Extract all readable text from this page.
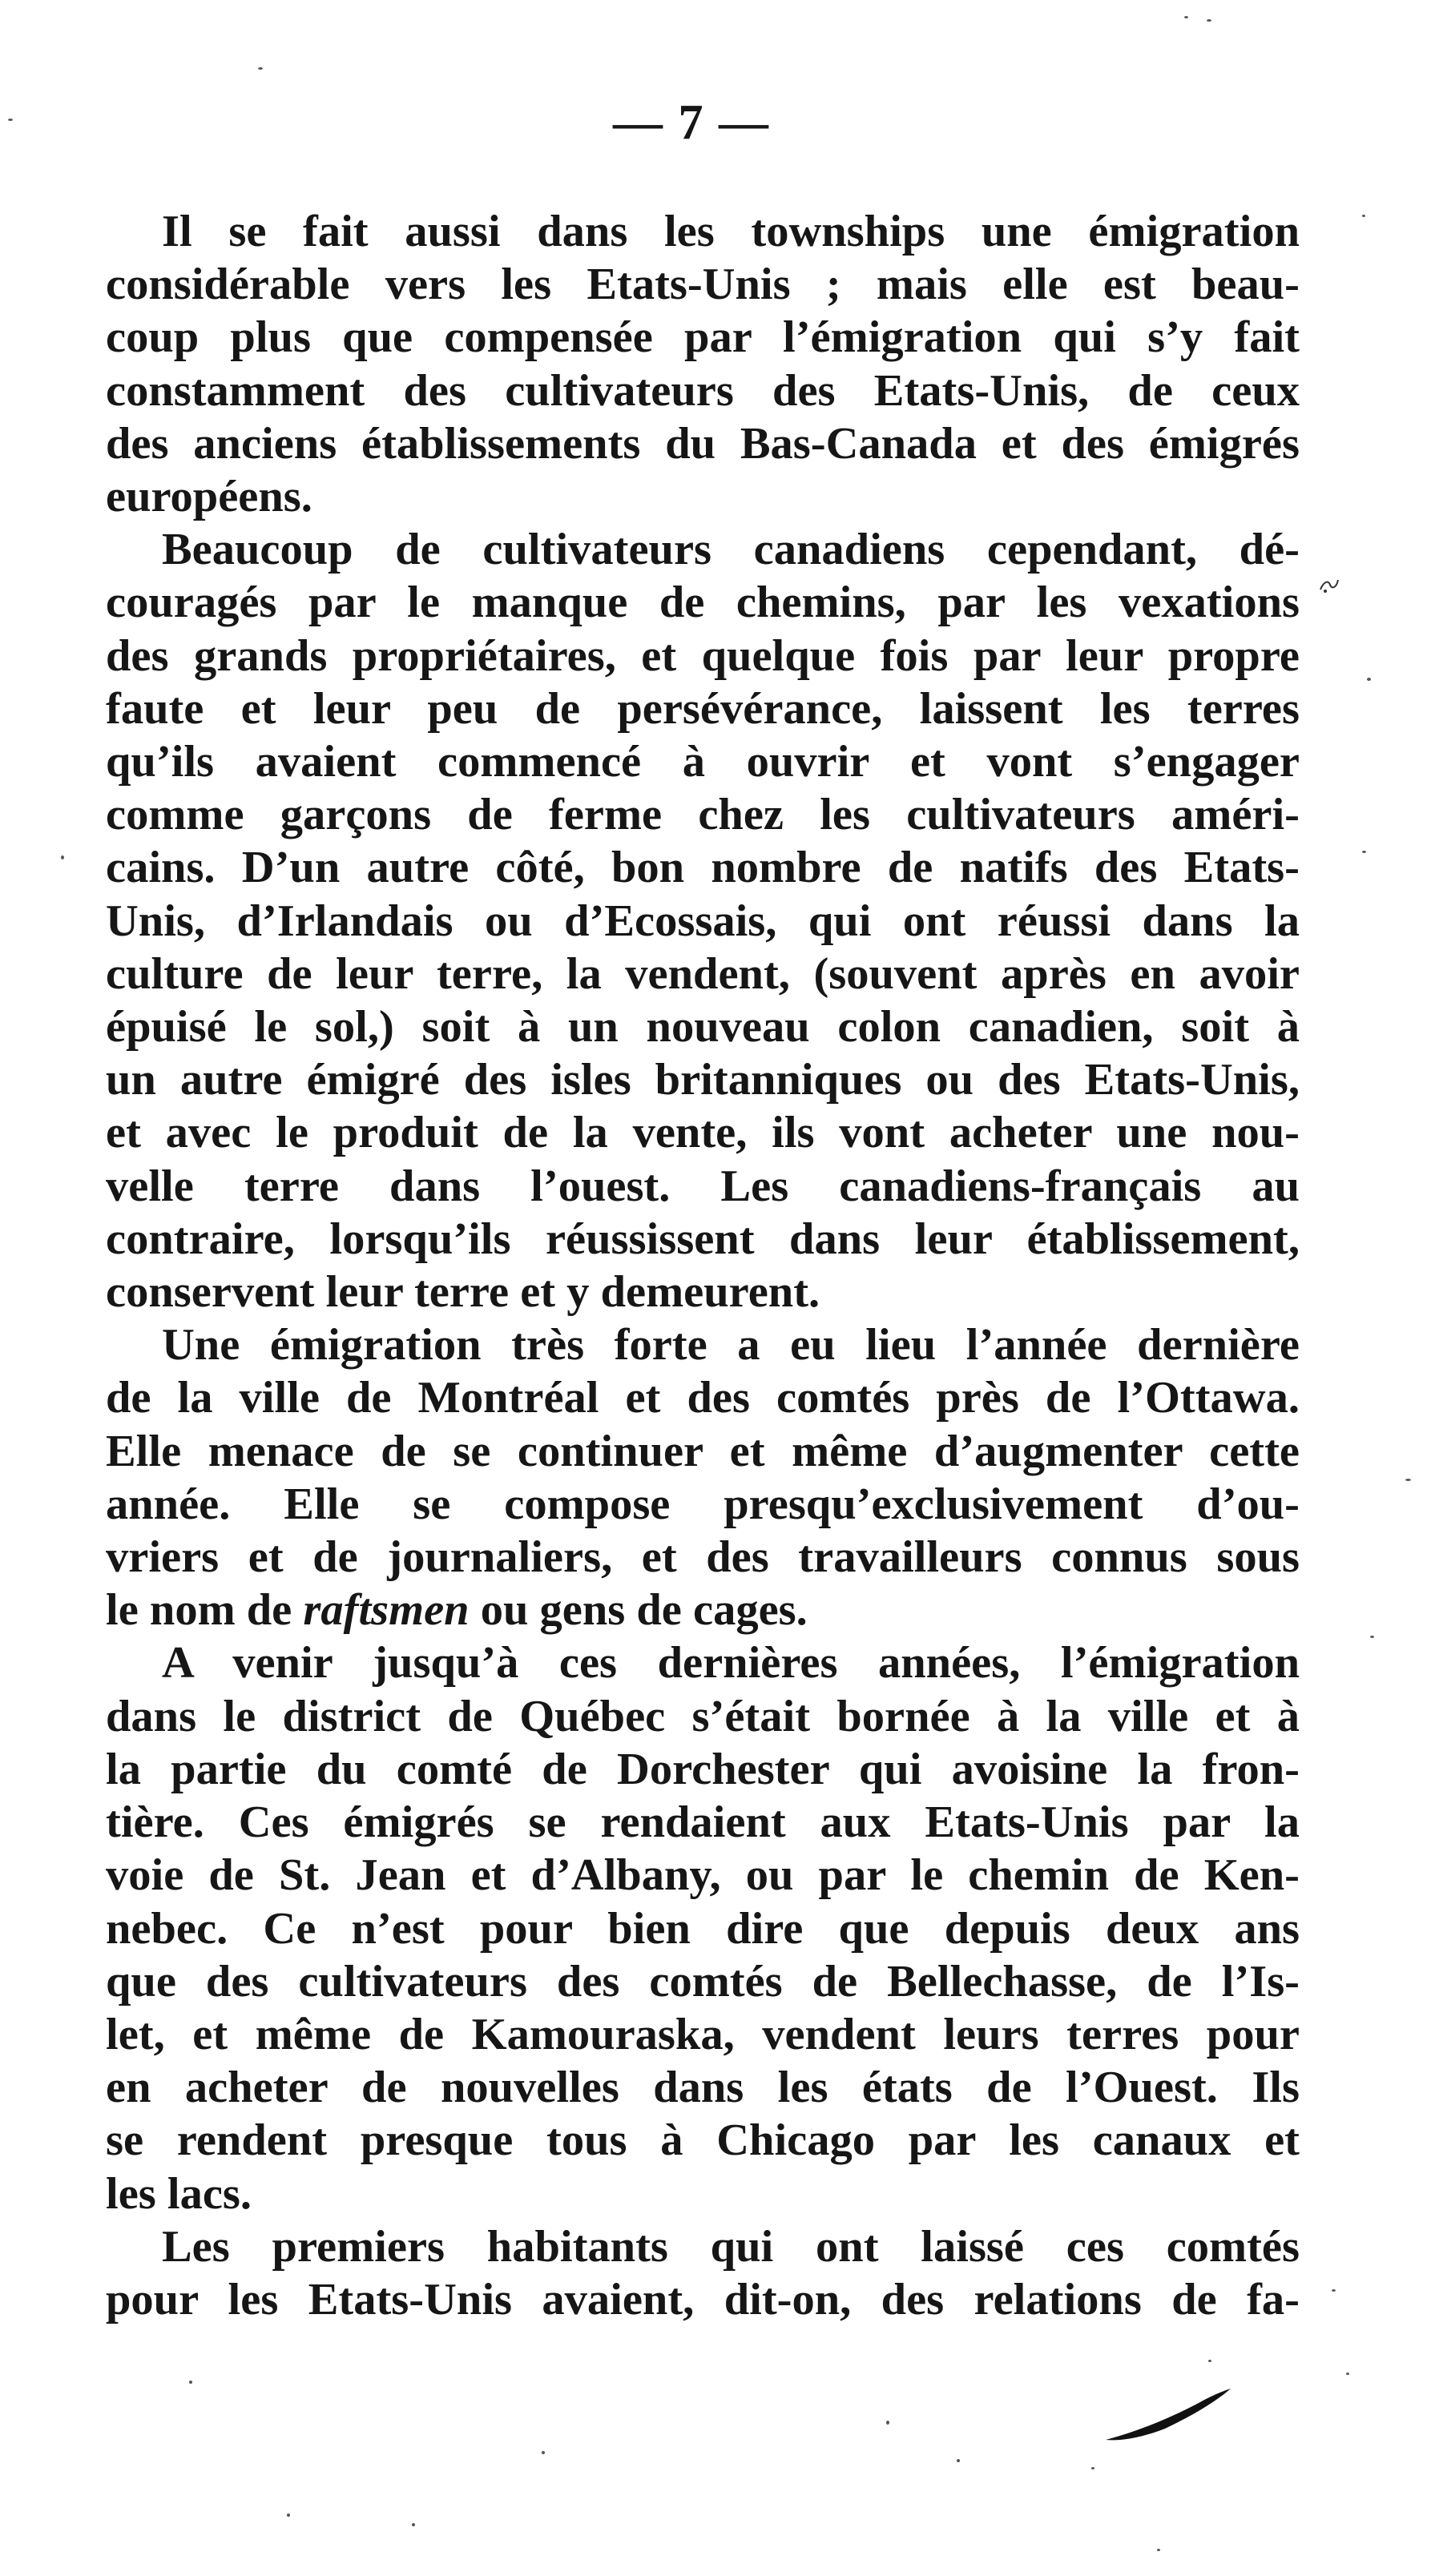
— 7 —

Il se fait aussi dans les townships une émigration
considérable vers les Etats-Unis ; mais elle est beau-
coup plus que compensée par l’émigration qui s’y fait
constamment des cultivateurs des Etats-Unis, de ceux
des anciens établissements du Bas-Canada et des émigrés
européens.

Beaucoup de cultivateurs canadiens cependant, dé-
couragés par le manque de chemins, par les vexations
des grands propriétaires, et quelque fois par leur propre
faute et leur peu de persévérance, laissent les terres
qu’ils avaient commencé à ouvrir et vont s’engager
comme garçons de ferme chez les cultivateurs améri-
cains. D’un autre côté, bon nombre de natifs des Etats-
Unis, d’Irlandais ou d’Ecossais, qui ont réussi dans la
culture de leur terre, la vendent, (souvent après en avoir
épuisé le sol,) soit à un nouveau colon canadien, soit à
un autre émigré des isles britanniques ou des Etats-Unis,
et avec le produit de la vente, ils vont acheter une nou-
velle terre dans l’ouest. Les canadiens-français au
contraire, lorsqu’ils réussissent dans leur établissement,
conservent leur terre et y demeurent.

Une émigration très forte a eu lieu l’année dernière
de la ville de Montréal et des comtés près de l’Ottawa.
Elle menace de se continuer et même d’augmenter cette
année. Elle se compose presqu’exclusivement d’ou-
vriers et de journaliers, et des travailleurs connus sous
le nom de raftsmen ou gens de cages.

A venir jusqu’à ces dernières années, l’émigration
dans le district de Québec s’était bornée à la ville et à
la partie du comté de Dorchester qui avoisine la fron-
tière. Ces émigrés se rendaient aux Etats-Unis par la
voie de St. Jean et d’Albany, ou par le chemin de Ken-
nebec. Ce n’est pour bien dire que depuis deux ans
que des cultivateurs des comtés de Bellechasse, de l’Is-
let, et même de Kamouraska, vendent leurs terres pour
en acheter de nouvelles dans les états de l’Ouest. Ils
se rendent presque tous à Chicago par les canaux et
les lacs.

Les premiers habitants qui ont laissé ces comtés
pour les Etats-Unis avaient, dit-on, des relations de fa-
